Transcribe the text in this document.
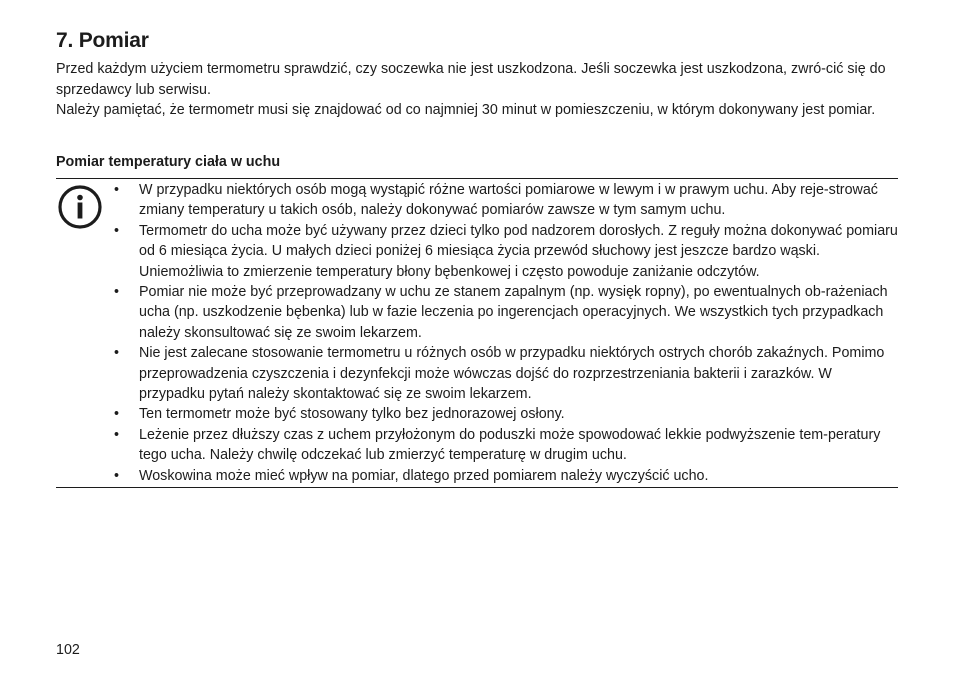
7. Pomiar

Przed każdym użyciem termometru sprawdzić, czy soczewka nie jest uszkodzona. Jeśli soczewka jest uszkodzona, zwró-cić się do sprzedawcy lub serwisu.

Należy pamiętać, że termometr musi się znajdować od co najmniej 30 minut w pomieszczeniu, w którym dokonywany jest pomiar.

Pomiar temperatury ciała w uchu
• W przypadku niektórych osób mogą wystąpić różne wartości pomiarowe w lewym i w prawym uchu. Aby reje-strować zmiany temperatury u takich osób, należy dokonywać pomiarów zawsze w tym samym uchu.
• Termometr do ucha może być używany przez dzieci tylko pod nadzorem dorosłych. Z reguły można dokonywać pomiaru od 6 miesiąca życia. U małych dzieci poniżej 6 miesiąca życia przewód słuchowy jest jeszcze bardzo wąski. Uniemożliwia to zmierzenie temperatury błony bębenkowej i często powoduje zaniżanie odczytów.
• Pomiar nie może być przeprowadzany w uchu ze stanem zapalnym (np. wysięk ropny), po ewentualnych ob-rażeniach ucha (np. uszkodzenie bębenka) lub w fazie leczenia po ingerencjach operacyjnych. We wszystkich tych przypadkach należy skonsultować się ze swoim lekarzem.
• Nie jest zalecane stosowanie termometru u różnych osób w przypadku niektórych ostrych chorób zakaźnych. Pomimo przeprowadzenia czyszczenia i dezynfekcji może wówczas dojść do rozprzestrzeniania bakterii i zarazków. W przypadku pytań należy skontaktować się ze swoim lekarzem.
• Ten termometr może być stosowany tylko bez jednorazowej osłony.
• Leżenie przez dłuższy czas z uchem przyłożonym do poduszki może spowodować lekkie podwyższenie tem-peratury tego ucha. Należy chwilę odczekać lub zmierzyć temperaturę w drugim uchu.
• Woskowina może mieć wpływ na pomiar, dlatego przed pomiarem należy wyczyścić ucho.
102
